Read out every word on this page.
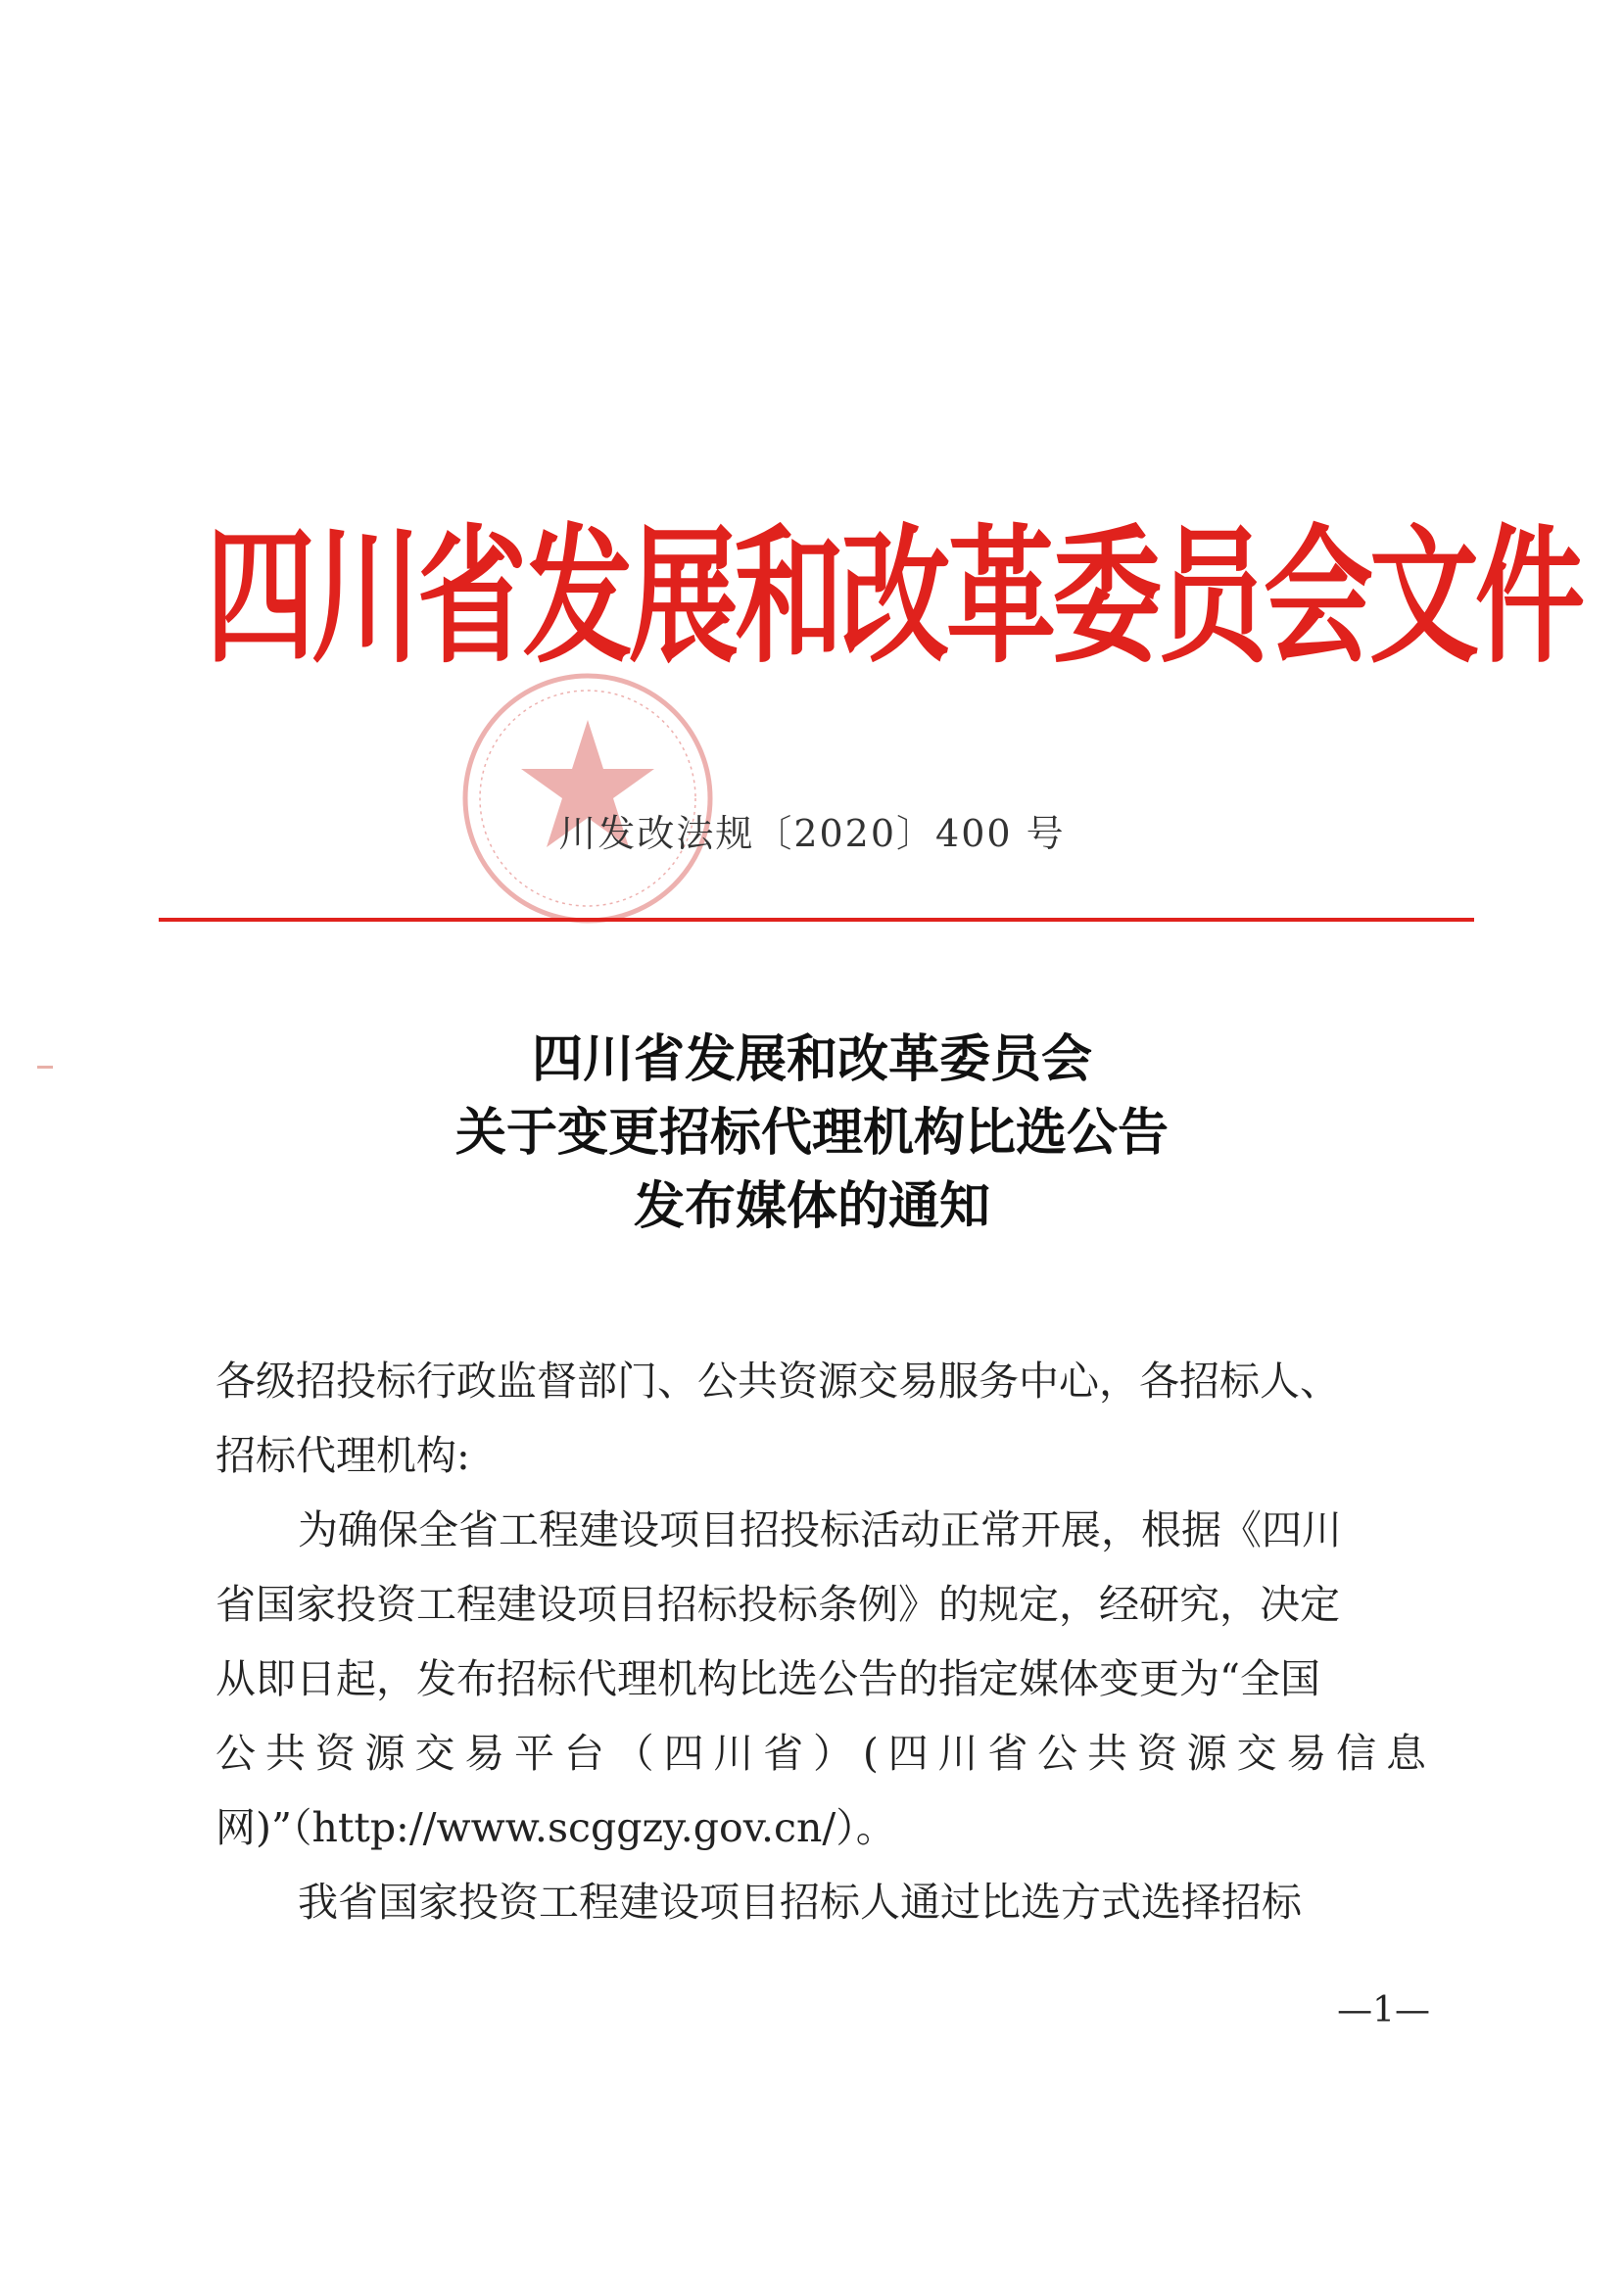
四川省发展和改革委员会文件
川发改法规〔2020〕400 号
四川省发展和改革委员会
关于变更招标代理机构比选公告
发布媒体的通知
各级招投标行政监督部门、公共资源交易服务中心，各招标人、
招标代理机构:
为确保全省工程建设项目招投标活动正常开展，根据《四川
省国家投资工程建设项目招标投标条例》的规定，经研究，决定
从即日起，发布招标代理机构比选公告的指定媒体变更为“全国
公共资源交易平台（四川省）(四川省公共资源交易信息
网)”（http://www.scggzy.gov.cn/）。
我省国家投资工程建设项目招标人通过比选方式选择招标
—1—
